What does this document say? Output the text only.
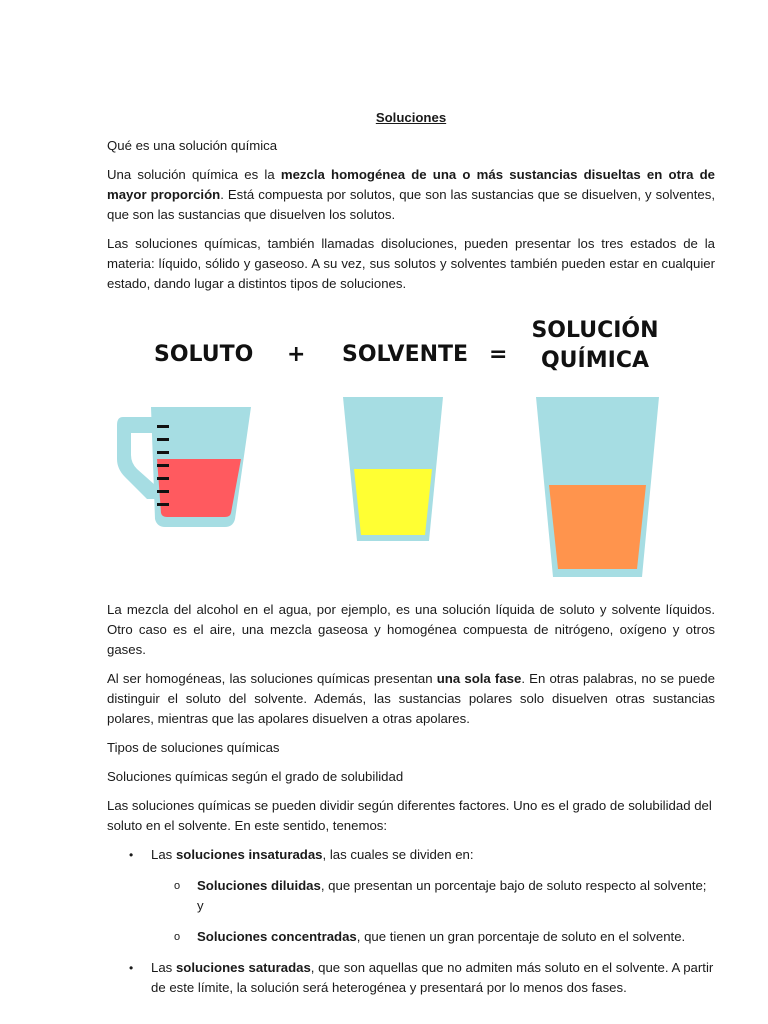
Soluciones
Qué es una solución química

Una solución química es la mezcla homogénea de una o más sustancias disueltas en otra de mayor proporción. Está compuesta por solutos, que son las sustancias que se disuelven, y solventes, que son las sustancias que disuelven los solutos.

Las soluciones químicas, también llamadas disoluciones, pueden presentar los tres estados de la materia: líquido, sólido y gaseoso. A su vez, sus solutos y solventes también pueden estar en cualquier estado, dando lugar a distintos tipos de soluciones.

SOLUTO + SOLVENTE =
SOLUCIÓN
QUÍMICA

La mezcla del alcohol en el agua, por ejemplo, es una solución líquida de soluto y solvente líquidos. Otro caso es el aire, una mezcla gaseosa y homogénea compuesta de nitrógeno, oxígeno y otros gases.

Al ser homogéneas, las soluciones químicas presentan una sola fase. En otras palabras, no se puede distinguir el soluto del solvente. Además, las sustancias polares solo disuelven otras sustancias polares, mientras que las apolares disuelven a otras apolares.

Tipos de soluciones químicas
Soluciones químicas según el grado de solubilidad

Las soluciones químicas se pueden dividir según diferentes factores. Uno es el grado de solubilidad del soluto en el solvente. En este sentido, tenemos:

• Las soluciones insaturadas, las cuales se dividen en:
o Soluciones diluidas, que presentan un porcentaje bajo de soluto respecto al solvente; y
o Soluciones concentradas, que tienen un gran porcentaje de soluto en el solvente.
• Las soluciones saturadas, que son aquellas que no admiten más soluto en el solvente. A partir de este límite, la solución será heterogénea y presentará por lo menos dos fases.
